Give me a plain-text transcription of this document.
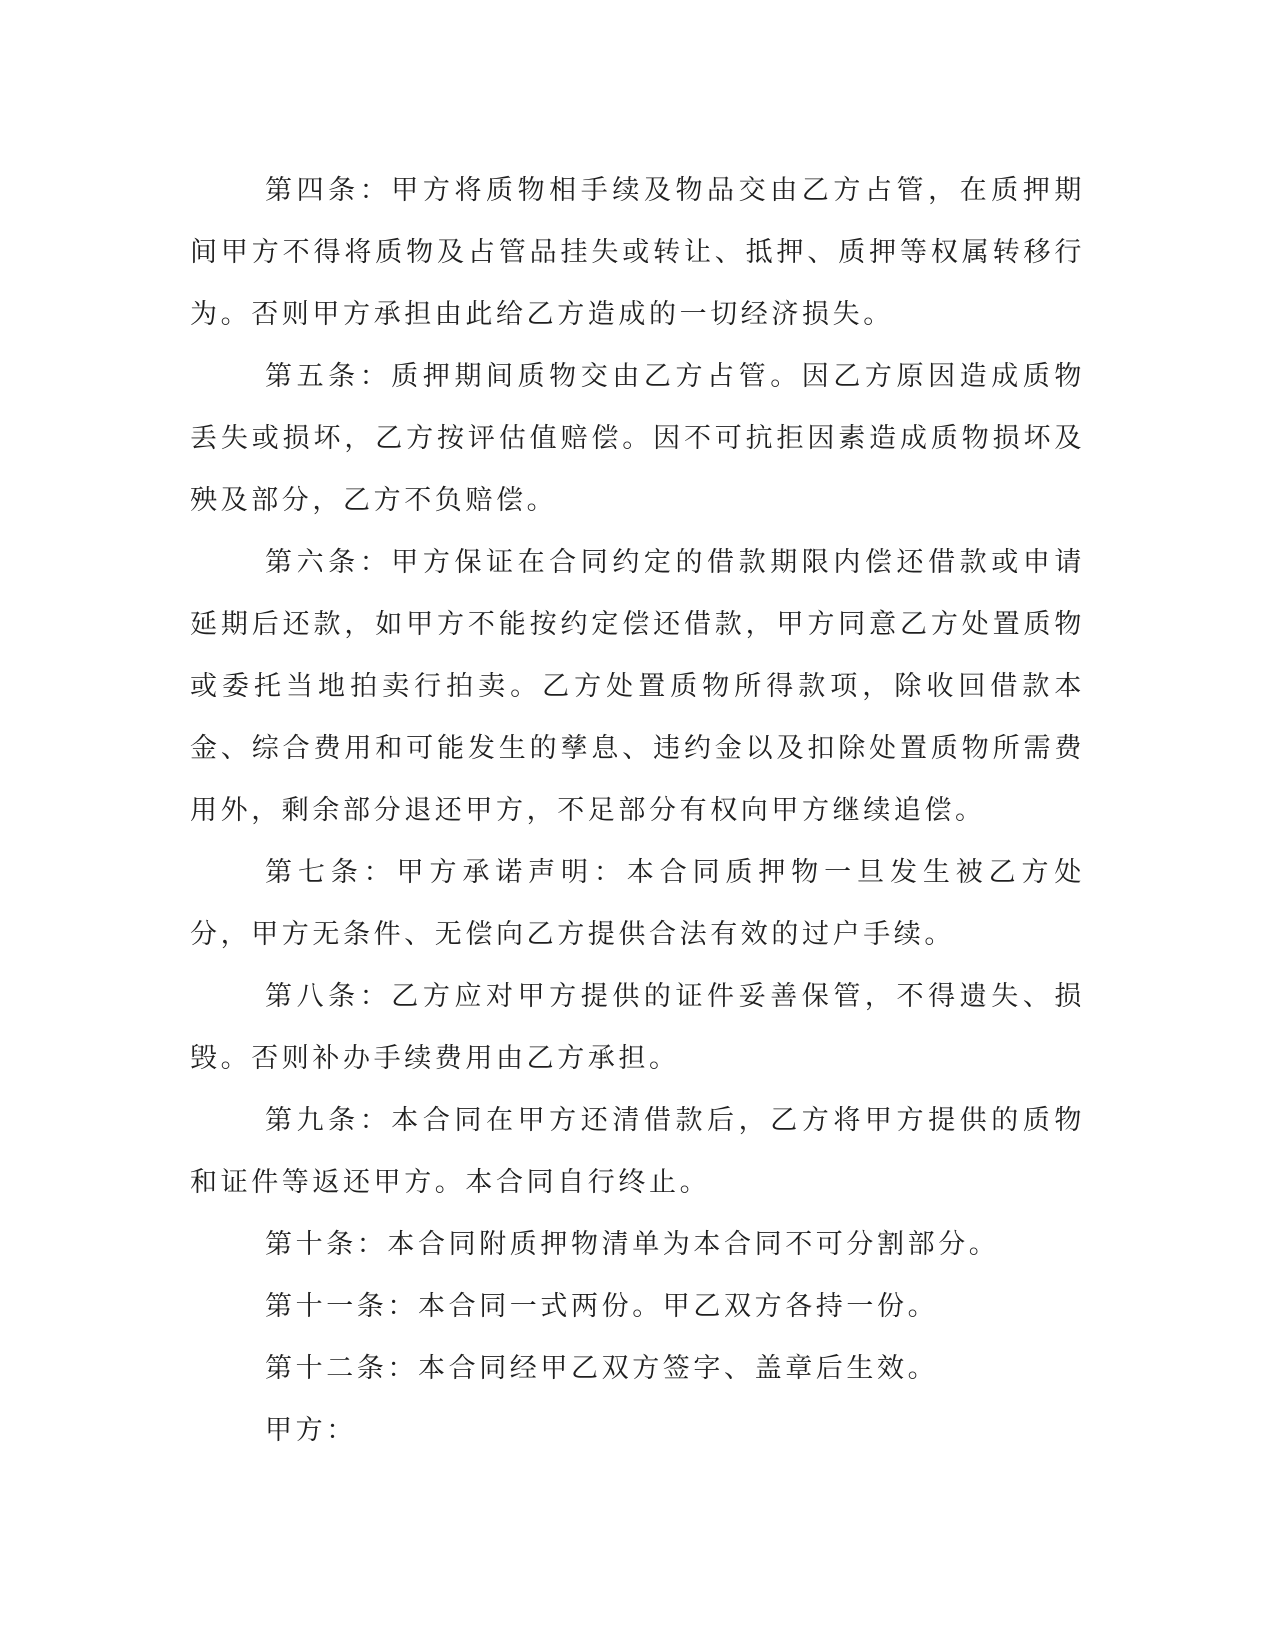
第四条：甲方将质物相手续及物品交由乙方占管，在质押期间甲方不得将质物及占管品挂失或转让、抵押、质押等权属转移行为。否则甲方承担由此给乙方造成的一切经济损失。

第五条：质押期间质物交由乙方占管。因乙方原因造成质物丢失或损坏，乙方按评估值赔偿。因不可抗拒因素造成质物损坏及殃及部分，乙方不负赔偿。

第六条：甲方保证在合同约定的借款期限内偿还借款或申请延期后还款，如甲方不能按约定偿还借款，甲方同意乙方处置质物或委托当地拍卖行拍卖。乙方处置质物所得款项，除收回借款本金、综合费用和可能发生的孳息、违约金以及扣除处置质物所需费用外，剩余部分退还甲方，不足部分有权向甲方继续追偿。

第七条：甲方承诺声明：本合同质押物一旦发生被乙方处分，甲方无条件、无偿向乙方提供合法有效的过户手续。

第八条：乙方应对甲方提供的证件妥善保管，不得遗失、损毁。否则补办手续费用由乙方承担。

第九条：本合同在甲方还清借款后，乙方将甲方提供的质物和证件等返还甲方。本合同自行终止。

第十条：本合同附质押物清单为本合同不可分割部分。

第十一条：本合同一式两份。甲乙双方各持一份。

第十二条：本合同经甲乙双方签字、盖章后生效。

甲方：
